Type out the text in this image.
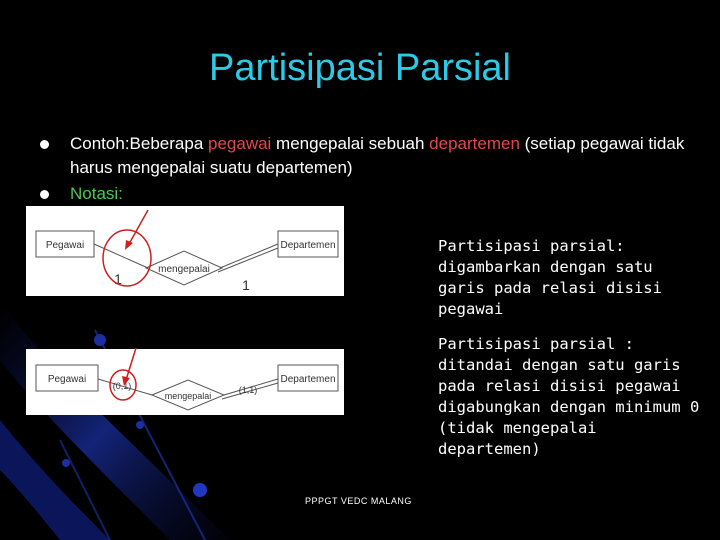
Partisipasi Parsial
Contoh:Beberapa pegawai mengepalai sebuah departemen (setiap pegawai tidak harus mengepalai suatu departemen)
Notasi:
Pegawai	Departemen
mengepalai
1	1
Pegawai	Departemen
mengepalai
(0,1)	(1,1)
Partisipasi parsial: digambarkan dengan satu garis pada relasi disisi pegawai
Partisipasi parsial : ditandai dengan satu garis pada relasi disisi pegawai digabungkan dengan minimum 0 (tidak mengepalai departemen)
PPPGT VEDC MALANG
